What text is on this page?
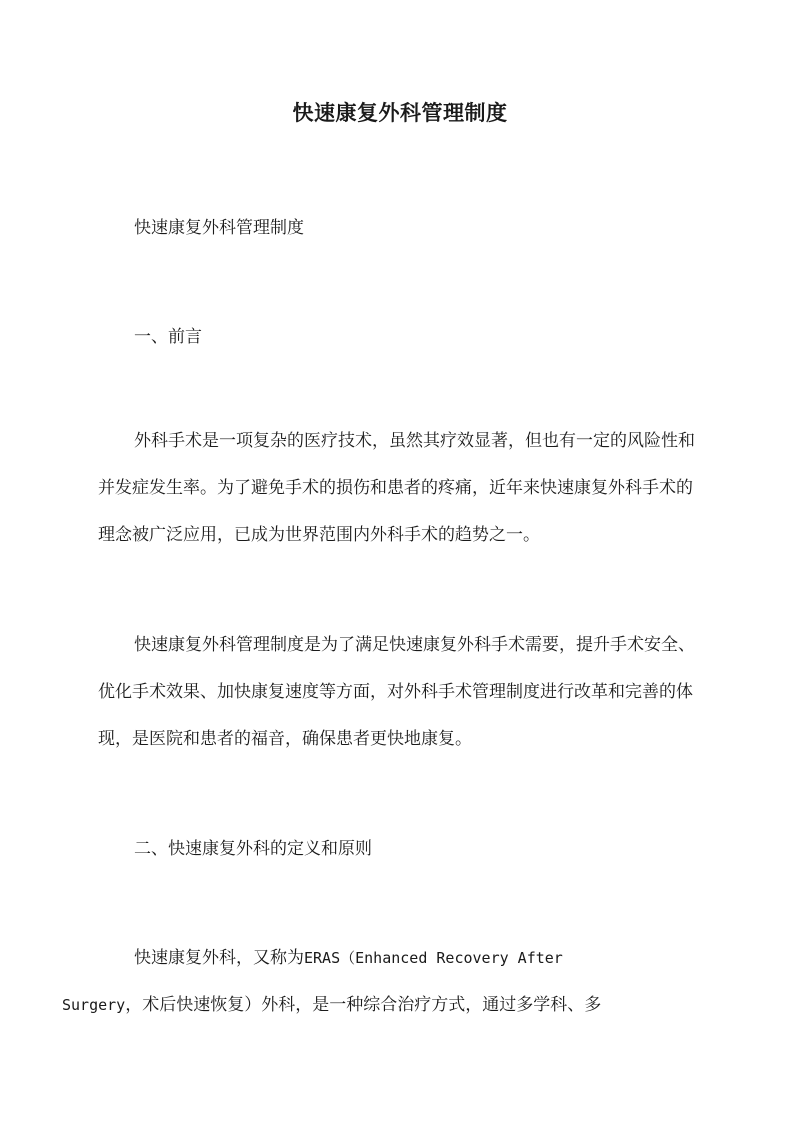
快速康复外科管理制度

快速康复外科管理制度

一、前言

外科手术是一项复杂的医疗技术，虽然其疗效显著，但也有一定的风险性和并发症发生率。为了避免手术的损伤和患者的疼痛，近年来快速康复外科手术的理念被广泛应用，已成为世界范围内外科手术的趋势之一。

快速康复外科管理制度是为了满足快速康复外科手术需要，提升手术安全、优化手术效果、加快康复速度等方面，对外科手术管理制度进行改革和完善的体现，是医院和患者的福音，确保患者更快地康复。

二、快速康复外科的定义和原则

快速康复外科，又称为ERAS（Enhanced Recovery After
Surgery，术后快速恢复）外科，是一种综合治疗方式，通过多学科、多
